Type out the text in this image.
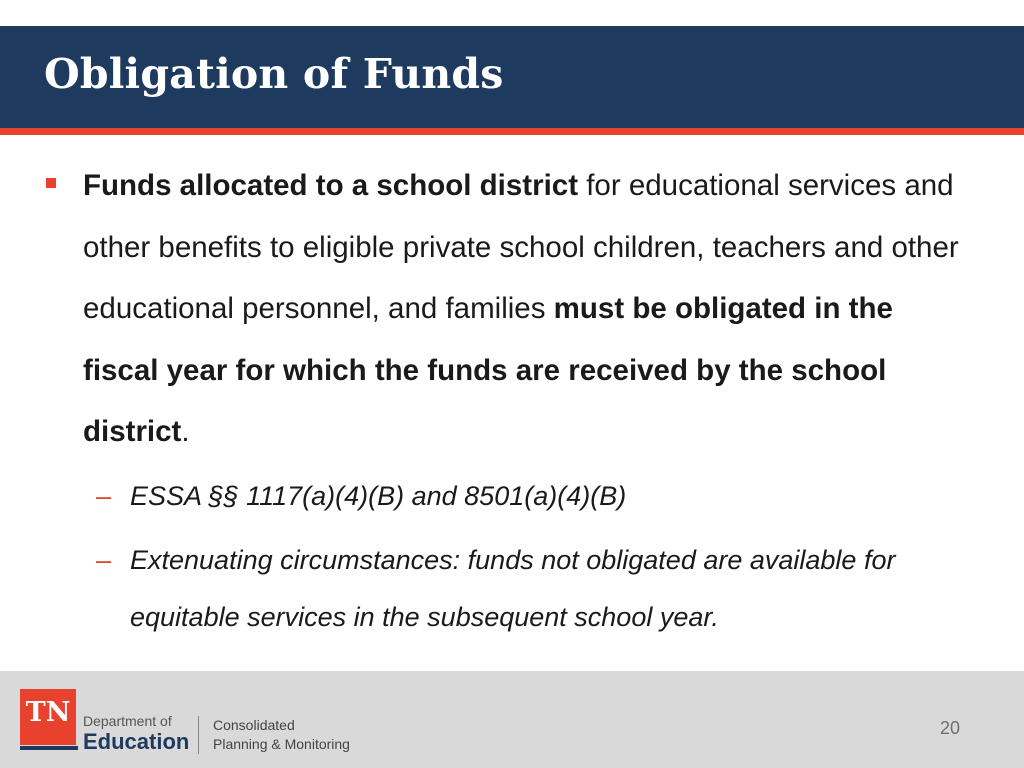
Obligation of Funds
Funds allocated to a school district for educational services and other benefits to eligible private school children, teachers and other educational personnel, and families must be obligated in the fiscal year for which the funds are received by the school district.
– ESSA §§ 1117(a)(4)(B) and 8501(a)(4)(B)
– Extenuating circumstances: funds not obligated are available for equitable services in the subsequent school year.
TN Department of
Education
Consolidated
Planning & Monitoring
20
